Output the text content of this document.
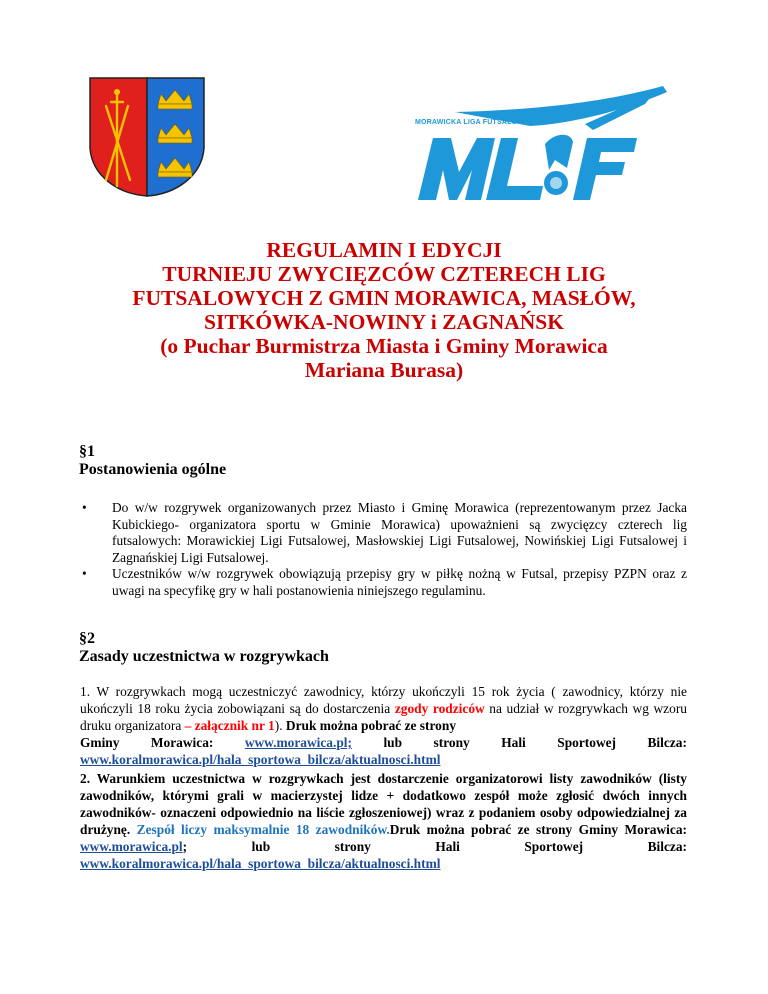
MORAWICKA LIGA FUTSALU
REGULAMIN I EDYCJI
TURNIEJU ZWYCIĘZCÓW CZTERECH LIG
FUTSALOWYCH Z GMIN MORAWICA, MASŁÓW,
SITKÓWKA-NOWINY i ZAGNAŃSK
(o Puchar Burmistrza Miasta i Gminy Morawica
Mariana Burasa)
§1
Postanowienia ogólne
• Do w/w rozgrywek organizowanych przez Miasto i Gminę Morawica (reprezentowanym przez Jacka Kubickiego- organizatora sportu w Gminie Morawica) upoważnieni są zwycięzcy czterech lig futsalowych: Morawickiej Ligi Futsalowej, Masłowskiej Ligi Futsalowej, Nowińskiej Ligi Futsalowej i Zagnańskiej Ligi Futsalowej.
• Uczestników w/w rozgrywek obowiązują przepisy gry w piłkę nożną w Futsal, przepisy PZPN oraz z uwagi na specyfikę gry w hali postanowienia niniejszego regulaminu.
§2
Zasady uczestnictwa w rozgrywkach
1. W rozgrywkach mogą uczestniczyć zawodnicy, którzy ukończyli 15 rok życia ( zawodnicy, którzy nie ukończyli 18 roku życia zobowiązani są do dostarczenia zgody rodziców na udział w rozgrywkach wg wzoru druku organizatora – załącznik nr 1). Druk można pobrać ze strony
Gminy Morawica: www.morawica.pl; lub strony Hali Sportowej Bilcza:
www.koralmorawica.pl/hala_sportowa_bilcza/aktualnosci.html
2. Warunkiem uczestnictwa w rozgrywkach jest dostarczenie organizatorowi listy zawodników (listy zawodników, którymi grali w macierzystej lidze + dodatkowo zespół może zgłosić dwóch innych zawodników- oznaczeni odpowiednio na liście zgłoszeniowej) wraz z podaniem osoby odpowiedzialnej za drużynę. Zespół liczy maksymalnie 18 zawodników.Druk można pobrać ze strony Gminy Morawica: www.morawica.pl; lub strony Hali Sportowej Bilcza: www.koralmorawica.pl/hala_sportowa_bilcza/aktualnosci.html
